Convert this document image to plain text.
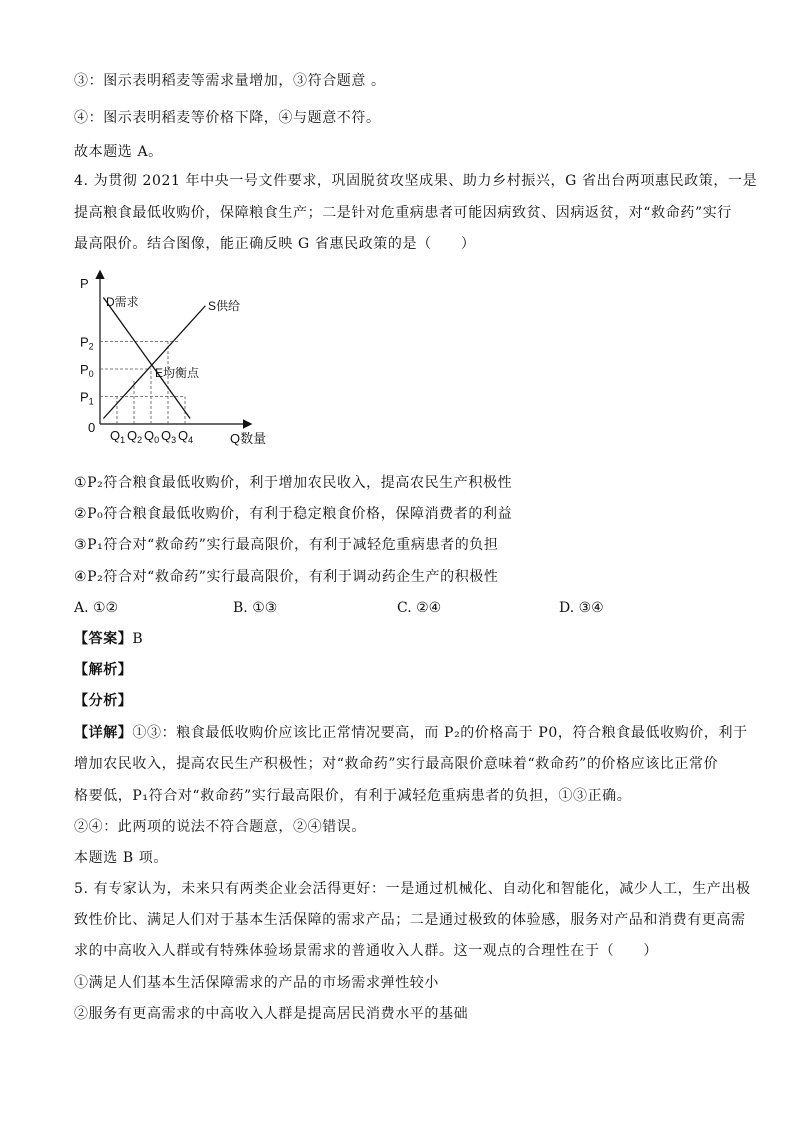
③：图示表明稻麦等需求量增加，③符合题意 。
④：图示表明稻麦等价格下降，④与题意不符。
故本题选 A。
4. 为贯彻 2021 年中央一号文件要求，巩固脱贫攻坚成果、助力乡村振兴，G 省出台两项惠民政策，一是
提高粮食最低收购价，保障粮食生产；二是针对危重病患者可能因病致贫、因病返贫，对“救命药”实行
最高限价。结合图像，能正确反映 G 省惠民政策的是（　　）
P
0
Q数量
D需求	S供给
E均衡点
$P_1$
$P_0$
$P_2$
$Q_1$ $Q_2$ $Q_0$ $Q_3$ $Q_4$
①P₂符合粮食最低收购价，利于增加农民收入，提高农民生产积极性
②P₀符合粮食最低收购价，有利于稳定粮食价格，保障消费者的利益
③P₁符合对“救命药”实行最高限价，有利于减轻危重病患者的负担
④P₂符合对“救命药”实行最高限价，有利于调动药企生产的积极性
A. ①②	B. ①③	C. ②④	D. ③④
【答案】B
【解析】
【分析】
【详解】①③：粮食最低收购价应该比正常情况要高，而 P₂的价格高于 P0，符合粮食最低收购价，利于
增加农民收入，提高农民生产积极性；对“救命药”实行最高限价意味着“救命药”的价格应该比正常价
格要低，P₁符合对“救命药”实行最高限价，有利于减轻危重病患者的负担，①③正确。
②④：此两项的说法不符合题意，②④错误。
本题选 B 项。
5. 有专家认为，未来只有两类企业会活得更好：一是通过机械化、自动化和智能化，减少人工，生产出极
致性价比、满足人们对于基本生活保障的需求产品；二是通过极致的体验感，服务对产品和消费有更高需
求的中高收入人群或有特殊体验场景需求的普通收入人群。这一观点的合理性在于（　　）
①满足人们基本生活保障需求的产品的市场需求弹性较小
②服务有更高需求的中高收入人群是提高居民消费水平的基础
